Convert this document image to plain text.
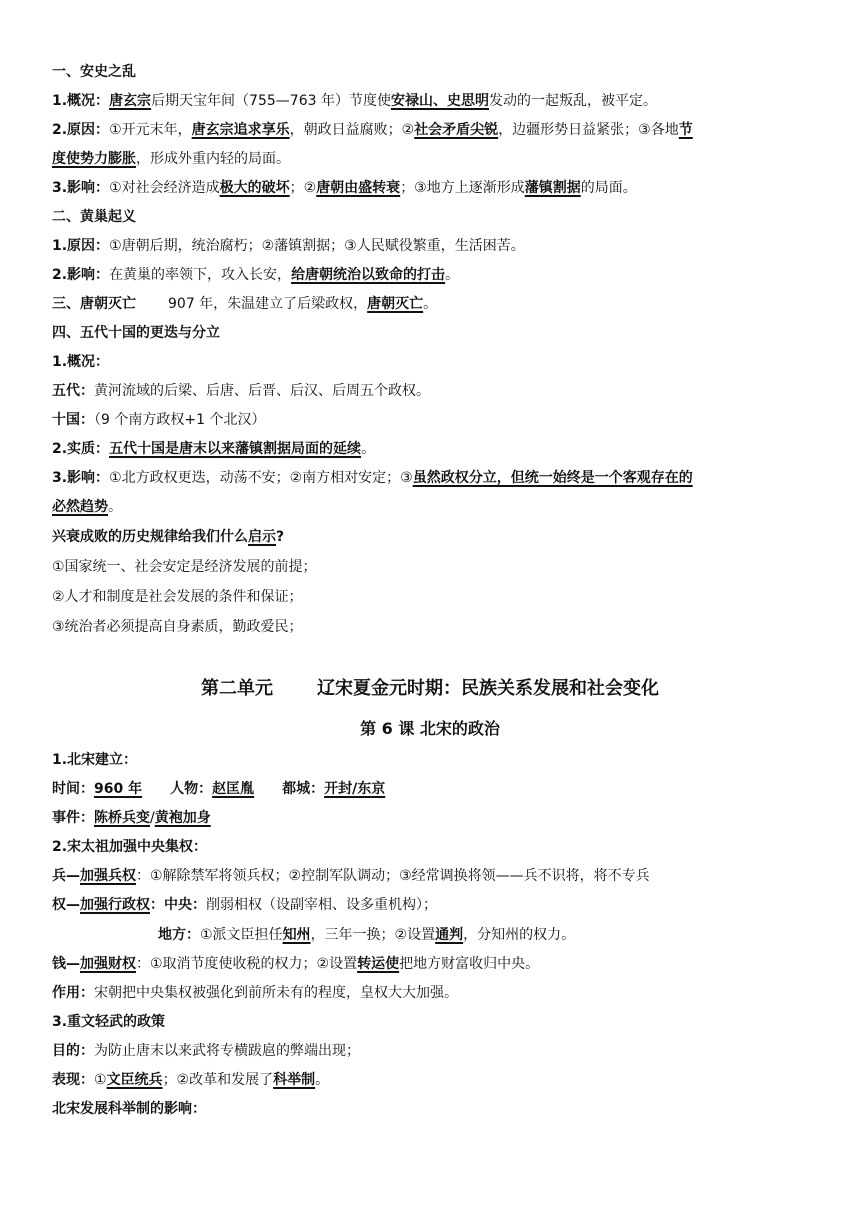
一、安史之乱
1.概况：唐玄宗后期天宝年间（755—763 年）节度使安禄山、史思明发动的一起叛乱，被平定。
2.原因：①开元末年，唐玄宗追求享乐，朝政日益腐败；②社会矛盾尖锐，边疆形势日益紧张；③各地节
度使势力膨胀，形成外重内轻的局面。
3.影响：①对社会经济造成极大的破坏；②唐朝由盛转衰；③地方上逐渐形成藩镇割据的局面。
二、黄巢起义
1.原因：①唐朝后期，统治腐朽；②藩镇割据；③人民赋役繁重，生活困苦。
2.影响：在黄巢的率领下，攻入长安，给唐朝统治以致命的打击。
三、唐朝灭亡 907 年，朱温建立了后梁政权，唐朝灭亡。
四、五代十国的更迭与分立
1.概况：
五代：黄河流域的后梁、后唐、后晋、后汉、后周五个政权。
十国：（9 个南方政权+1 个北汉）
2.实质：五代十国是唐末以来藩镇割据局面的延续。
3.影响：①北方政权更迭，动荡不安；②南方相对安定；③虽然政权分立，但统一始终是一个客观存在的
必然趋势。
兴衰成败的历史规律给我们什么启示?
①国家统一、社会安定是经济发展的前提；
②人才和制度是社会发展的条件和保证；
③统治者必须提高自身素质，勤政爱民；
第二单元 辽宋夏金元时期：民族关系发展和社会变化
第 6 课 北宋的政治
1.北宋建立：
时间：960 年 人物：赵匡胤 都城：开封/东京
事件：陈桥兵变/黄袍加身
2.宋太祖加强中央集权：
兵—加强兵权：①解除禁军将领兵权；②控制军队调动；③经常调换将领——兵不识将，将不专兵
权—加强行政权：中央：削弱相权（设副宰相、设多重机构）；
地方：①派文臣担任知州，三年一换；②设置通判，分知州的权力。
钱—加强财权：①取消节度使收税的权力；②设置转运使把地方财富收归中央。
作用：宋朝把中央集权被强化到前所未有的程度，皇权大大加强。
3.重文轻武的政策
目的：为防止唐末以来武将专横跋扈的弊端出现；
表现：①文臣统兵；②改革和发展了科举制。
北宋发展科举制的影响：
